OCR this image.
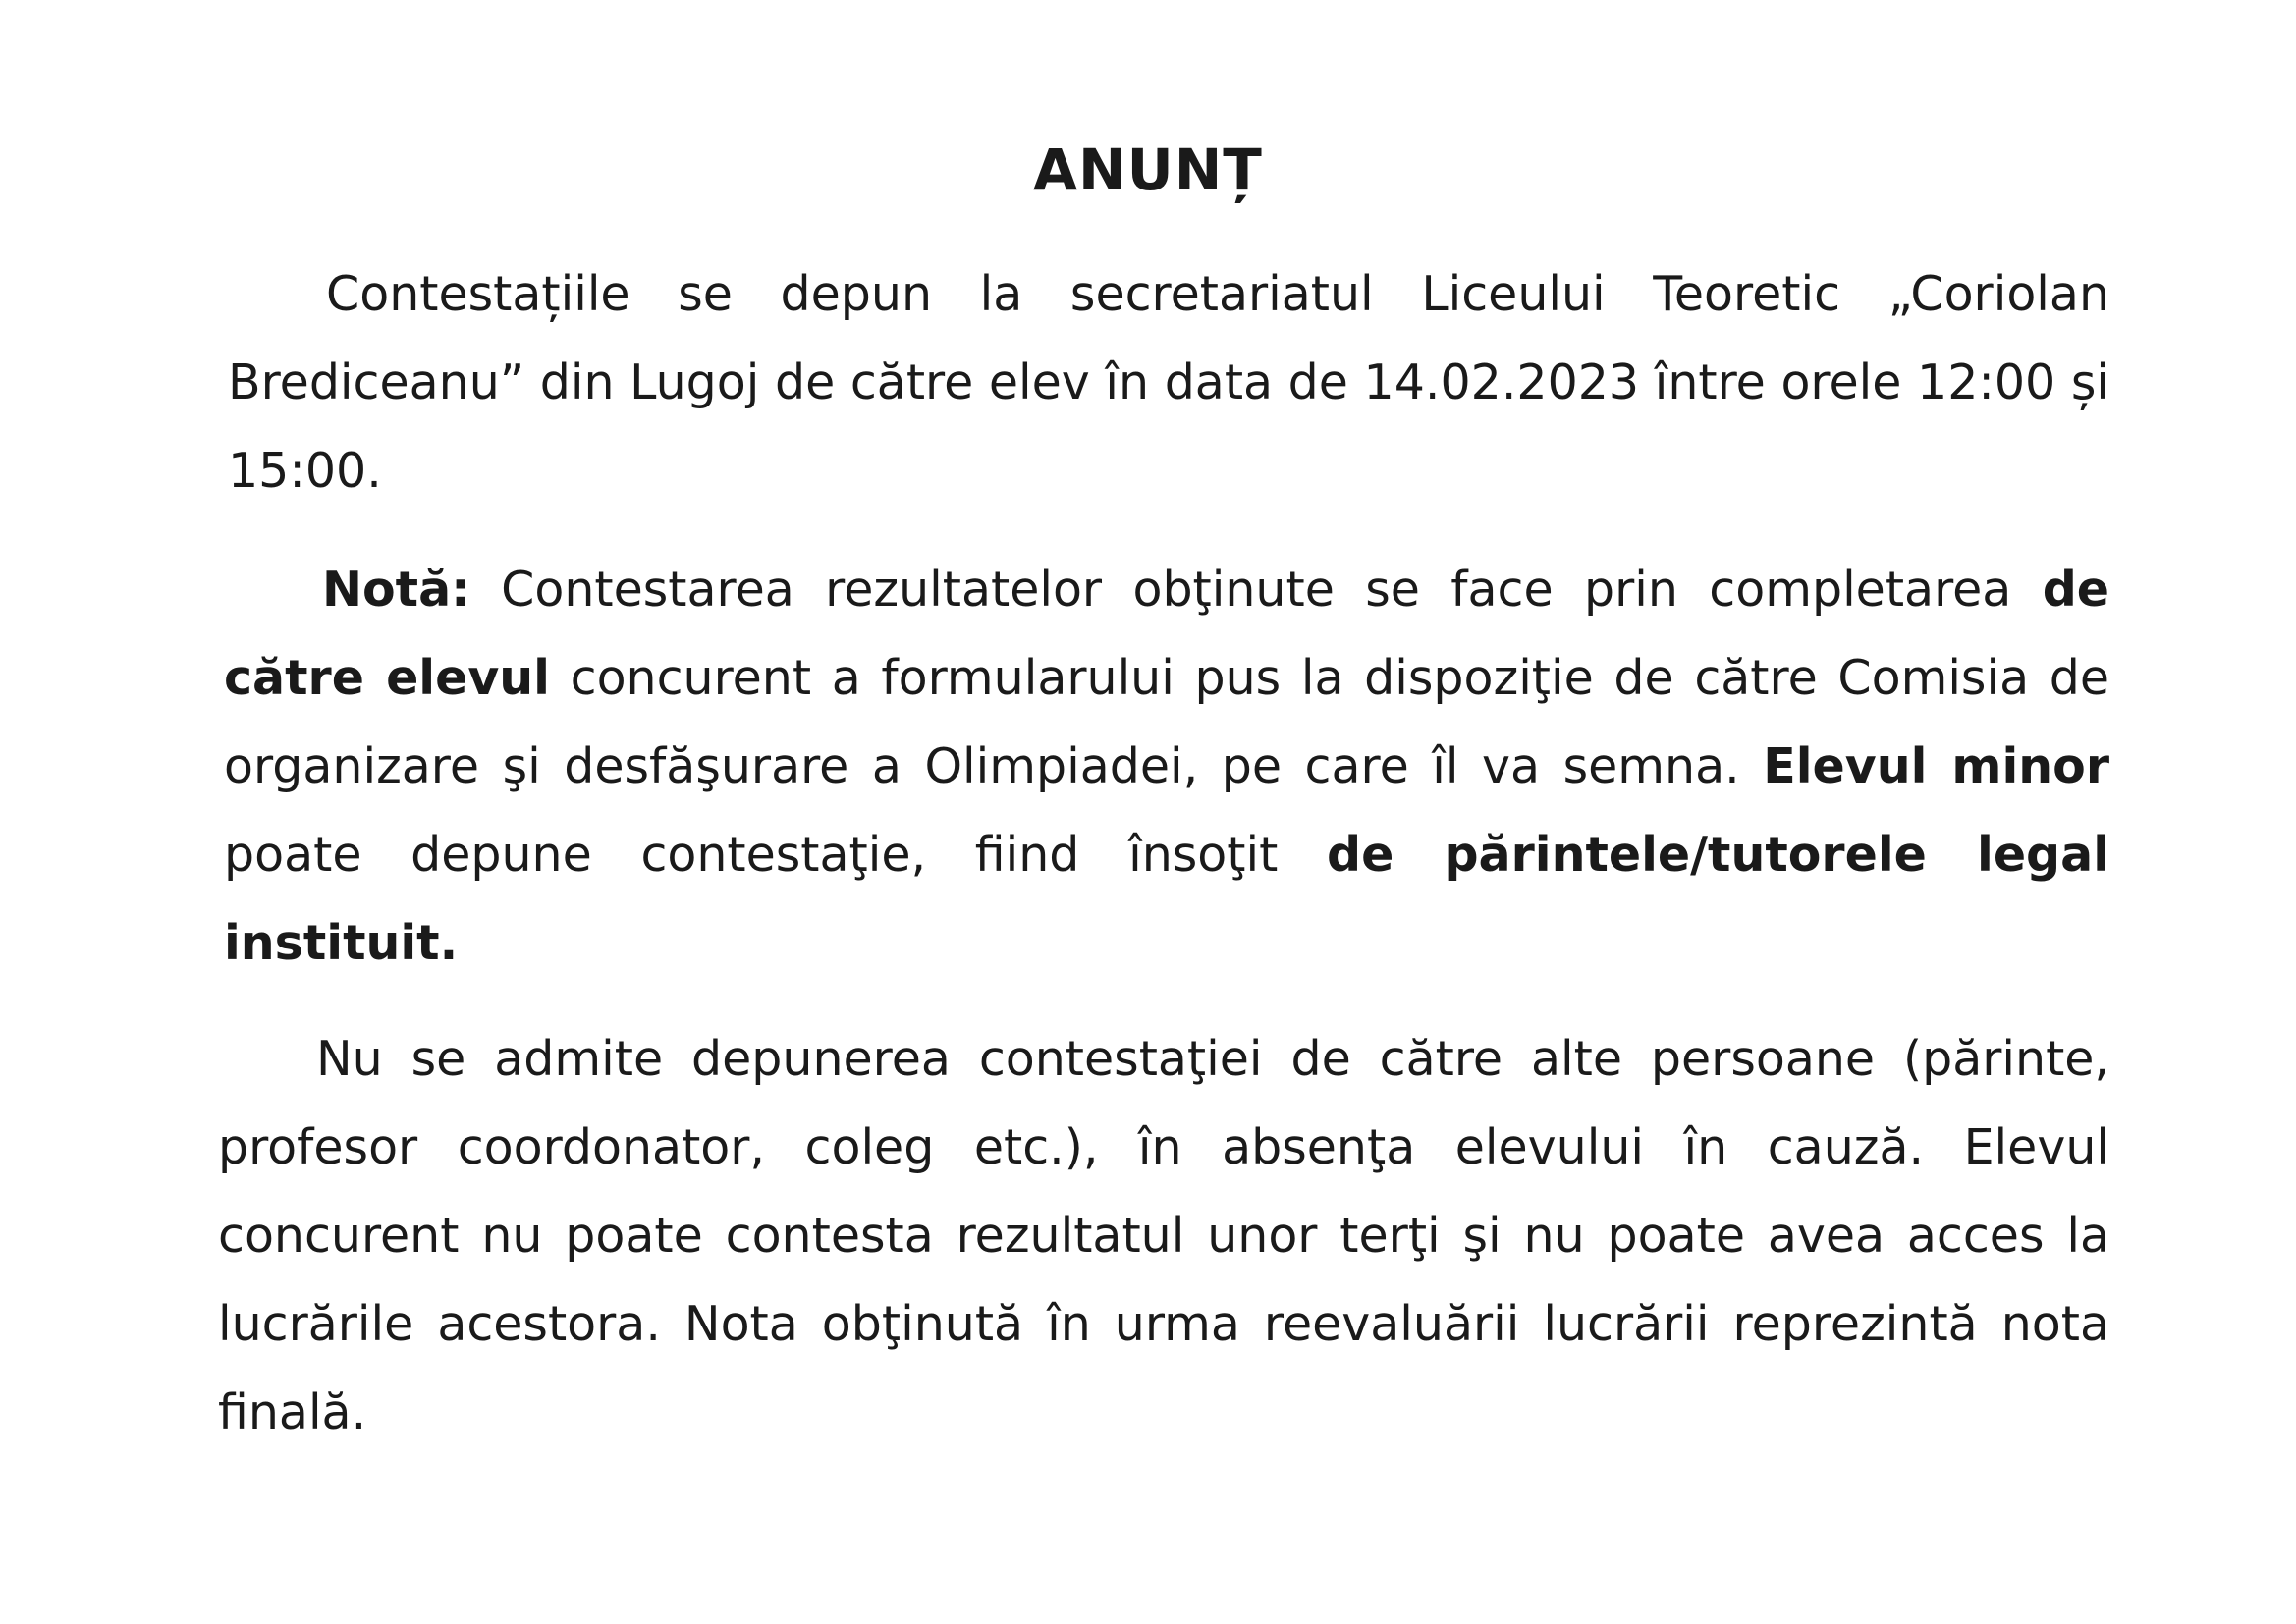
ANUNȚ

Contestațiile se depun la secretariatul Liceului Teoretic „Coriolan Brediceanu” din Lugoj de către elev în data de 14.02.2023 între orele 12:00 și 15:00.

Notă: Contestarea rezultatelor obţinute se face prin completarea de către elevul concurent a formularului pus la dispoziţie de către Comisia de organizare şi desfăşurare a Olimpiadei, pe care îl va semna. Elevul minor poate depune contestaţie, fiind însoţit de părintele/tutorele legal instituit.

Nu se admite depunerea contestaţiei de către alte persoane (părinte, profesor coordonator, coleg etc.), în absenţa elevului în cauză. Elevul concurent nu poate contesta rezultatul unor terţi şi nu poate avea acces la lucrările acestora. Nota obţinută în urma reevaluării lucrării reprezintă nota finală.
